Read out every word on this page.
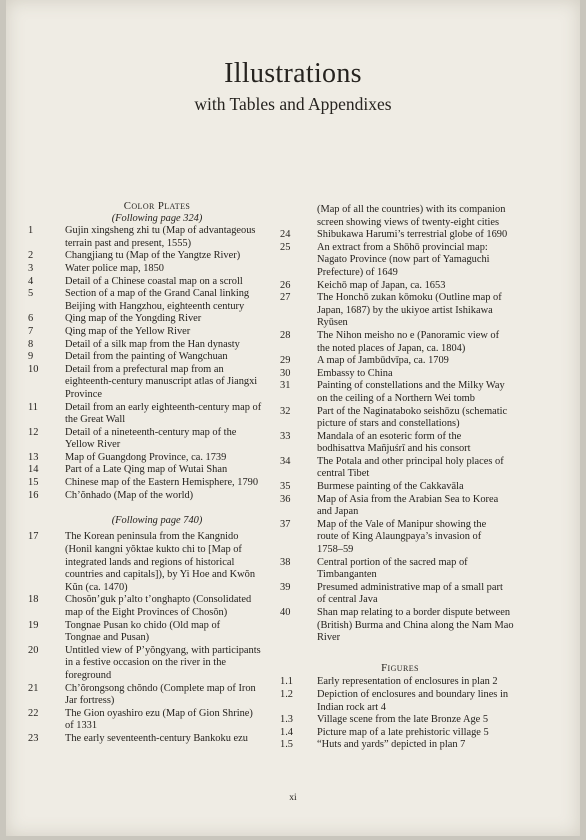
Illustrations
with Tables and Appendixes
Color Plates
(Following page 324)
1	Gujin xingsheng zhi tu (Map of advantageous
terrain past and present, 1555)
2	Changjiang tu (Map of the Yangtze River)
3	Water police map, 1850
4	Detail of a Chinese coastal map on a scroll
5	Section of a map of the Grand Canal linking
Beijing with Hangzhou, eighteenth century
6	Qing map of the Yongding River
7	Qing map of the Yellow River
8	Detail of a silk map from the Han dynasty
9	Detail from the painting of Wangchuan
10	Detail from a prefectural map from an
eighteenth-century manuscript atlas of Jiangxi
Province
11	Detail from an early eighteenth-century map of
the Great Wall
12	Detail of a nineteenth-century map of the
Yellow River
13	Map of Guangdong Province, ca. 1739
14	Part of a Late Qing map of Wutai Shan
15	Chinese map of the Eastern Hemisphere, 1790
16	Ch’ŏnhado (Map of the world)
(Following page 740)
17	The Korean peninsula from the Kangnido
(Honil kangni yŏktae kukto chi to [Map of
integrated lands and regions of historical
countries and capitals]), by Yi Hoe and Kwŏn
Kŭn (ca. 1470)
18	Chosŏn’guk p’alto t’onghapto (Consolidated
map of the Eight Provinces of Chosŏn)
19	Tongnae Pusan ko chido (Old map of
Tongnae and Pusan)
20	Untitled view of P’yŏngyang, with participants
in a festive occasion on the river in the
foreground
21	Ch’ŏrongsong chŏndo (Complete map of Iron
Jar fortress)
22	The Gion oyashiro ezu (Map of Gion Shrine)
of 1331
23	The early seventeenth-century Bankoku ezu
(Map of all the countries) with its companion
screen showing views of twenty-eight cities
24	Shibukawa Harumi’s terrestrial globe of 1690
25	An extract from a Shōhō provincial map:
Nagato Province (now part of Yamaguchi
Prefecture) of 1649
26	Keichō map of Japan, ca. 1653
27	The Honchō zukan kōmoku (Outline map of
Japan, 1687) by the ukiyoe artist Ishikawa
Ryūsen
28	The Nihon meisho no e (Panoramic view of
the noted places of Japan, ca. 1804)
29	A map of Jambūdvīpa, ca. 1709
30	Embassy to China
31	Painting of constellations and the Milky Way
on the ceiling of a Northern Wei tomb
32	Part of the Naginataboko seishōzu (schematic
picture of stars and constellations)
33	Mandala of an esoteric form of the
bodhisattva Mañjuśrī and his consort
34	The Potala and other principal holy places of
central Tibet
35	Burmese painting of the Cakkavāla
36	Map of Asia from the Arabian Sea to Korea
and Japan
37	Map of the Vale of Manipur showing the
route of King Alaungpaya’s invasion of
1758–59
38	Central portion of the sacred map of
Timbanganten
39	Presumed administrative map of a small part
of central Java
40	Shan map relating to a border dispute between
(British) Burma and China along the Nam Mao
River
Figures
1.1	Early representation of enclosures in plan 2
1.2	Depiction of enclosures and boundary lines in
Indian rock art 4
1.3	Village scene from the late Bronze Age 5
1.4	Picture map of a late prehistoric village 5
1.5	“Huts and yards” depicted in plan 7
xi
